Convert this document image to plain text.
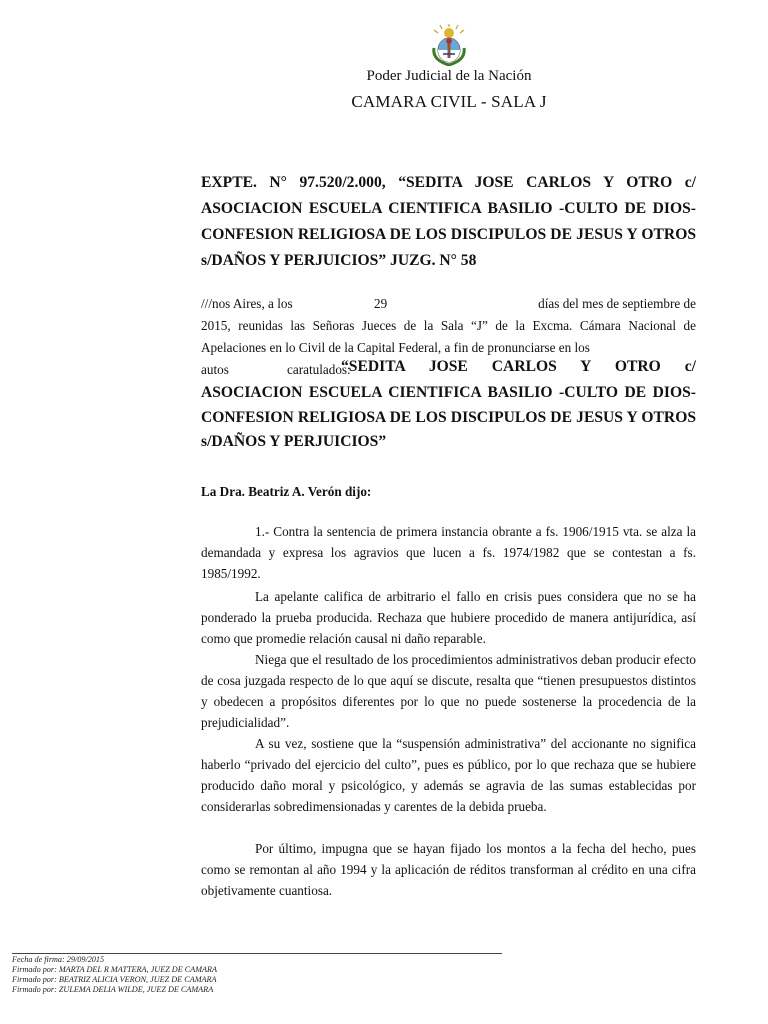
Poder Judicial de la Nación
CAMARA CIVIL - SALA J
EXPTE. N° 97.520/2.000, “SEDITA JOSE CARLOS Y OTRO c/ ASOCIACION ESCUELA CIENTIFICA BASILIO -CULTO DE DIOS- CONFESION RELIGIOSA DE LOS DISCIPULOS DE JESUS Y OTROS s/DAÑOS Y PERJUICIOS” JUZG. N° 58
///nos Aires, a los	29	días del mes de septiembre de
2015, reunidas las Señoras Jueces de la Sala “J” de la Excma. Cámara Nacional de Apelaciones en lo Civil de la Capital Federal, a fin de pronunciarse en los
autos	caratulados:
“SEDITA JOSE CARLOS Y OTRO c/
ASOCIACION ESCUELA CIENTIFICA BASILIO -CULTO DE DIOS- CONFESION RELIGIOSA DE LOS DISCIPULOS DE JESUS Y OTROS s/DAÑOS Y PERJUICIOS”
La Dra. Beatriz A. Verón dijo:
1.- Contra la sentencia de primera instancia obrante a fs. 1906/1915 vta. se alza la demandada y expresa los agravios que lucen a fs. 1974/1982 que se contestan a fs. 1985/1992.
La apelante califica de arbitrario el fallo en crisis pues considera que no se ha ponderado la prueba producida. Rechaza que hubiere procedido de manera antijurídica, así como que promedie relación causal ni daño reparable.
Niega que el resultado de los procedimientos administrativos deban producir efecto de cosa juzgada respecto de lo que aquí se discute, resalta que “tienen presupuestos distintos y obedecen a propósitos diferentes por lo que no puede sostenerse la procedencia de la prejudicialidad”.
A su vez, sostiene que la “suspensión administrativa” del accionante no significa haberlo “privado del ejercicio del culto”, pues es público, por lo que rechaza que se hubiere producido daño moral y psicológico, y además se agravia de las sumas establecidas por considerarlas sobredimensionadas y carentes de la debida prueba.
Por último, impugna que se hayan fijado los montos a la fecha del hecho, pues como se remontan al año 1994 y la aplicación de réditos transforman al crédito en una cifra objetivamente cuantiosa.
Fecha de firma: 29/09/2015
Firmado por: MARTA DEL R MATTERA, JUEZ DE CAMARA
Firmado por: BEATRIZ ALICIA VERON, JUEZ DE CAMARA
Firmado por: ZULEMA DELIA WILDE, JUEZ DE CAMARA
